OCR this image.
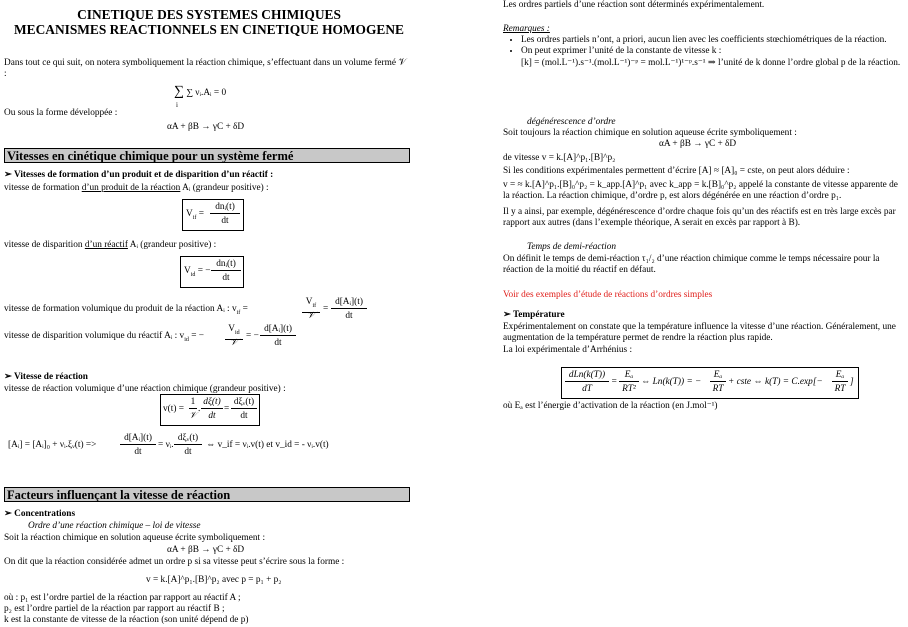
CINETIQUE DES SYSTEMES CHIMIQUES
MECANISMES REACTIONNELS EN CINETIQUE HOMOGENE
Dans tout ce qui suit, on notera symboliquement la réaction chimique, s’effectuant dans un volume fermé 𝒱 :
∑ ∑ νᵢ.Aᵢ = 0
i
Ou sous la forme développée :
αA + βB → γC + δD
Vitesses en cinétique chimique pour un système fermé
➢ Vitesses de formation d’un produit et de disparition d’un réactif :
vitesse de formation d’un produit de la réaction Aᵢ (grandeur positive) :
$V_{if}$ =
dnᵢ(t)
dt
vitesse de disparition d’un réactif Aᵢ (grandeur positive) :
$V_{id}$ = −
dnᵢ(t)
dt
vitesse de formation volumique du produit de la réaction Aᵢ : $v_{if}$ =
$V_{if}$
𝒱
=
d[Aᵢ](t)
dt
vitesse de disparition volumique du réactif Aᵢ : $v_{id}$ = −
$V_{id}$
𝒱
= −
d[Aᵢ](t)
dt
➢ Vitesse de réaction
vitesse de réaction volumique d’une réaction chimique (grandeur positive) :
v(t) =
1
𝒱
.
dξ(t)
dt
=
dξᵥ(t)
dt
[Aᵢ] = [Aᵢ]₀ + νᵢ.ξᵥ(t) =>
d[Aᵢ](t)
dt
= νᵢ.
dξᵥ(t)
dt
⇔ v_if = νᵢ.v(t) et v_id = - νᵢ.v(t)
Facteurs influençant la vitesse de réaction
➢ Concentrations
Ordre d’une réaction chimique – loi de vitesse
Soit la réaction chimique en solution aqueuse écrite symboliquement :
αA + βB → γC + δD
On dit que la réaction considérée admet un ordre p si sa vitesse peut s’écrire sous la forme :
v = k.[A]^p₁.[B]^p₂ avec p = p₁ + p₂
où : p₁ est l’ordre partiel de la réaction par rapport au réactif A ;
p₂ est l’ordre partiel de la réaction par rapport au réactif B ;
k est la constante de vitesse de la réaction (son unité dépend de p)
Les ordres partiels d’une réaction sont déterminés expérimentalement.
Remarques :
• Les ordres partiels n’ont, a priori, aucun lien avec les coefficients stœchiométriques de la réaction.
• On peut exprimer l’unité de la constante de vitesse k :
[k] = (mol.L⁻¹).s⁻¹.(mol.L⁻¹)⁻ᵖ = mol.L⁻¹)¹⁻ᵖ.s⁻¹ ⇒ l’unité de k donne l’ordre global p de la réaction.
dégénérescence d’ordre
Soit toujours la réaction chimique en solution aqueuse écrite symboliquement :
αA + βB → γC + δD
de vitesse v = k.[A]^p₁.[B]^p₂
Si les conditions expérimentales permettent d’écrire [A] ≈ [A]₀ = cste, on peut alors déduire :
v = ≈ k.[A]^p₁.[B]₀^p₂ = k_app.[A]^p₁ avec k_app = k.[B]₀^p₂ appelé la constante de vitesse apparente de la réaction. La réaction chimique, d’ordre p, est alors dégénérée en une réaction d’ordre p₁.
Il y a ainsi, par exemple, dégénérescence d’ordre chaque fois qu’un des réactifs est en très large excès par rapport aux autres (dans l’exemple théorique, A serait en excès par rapport à B).
Temps de demi-réaction
On définit le temps de demi-réaction τ₁/₂ d’une réaction chimique comme le temps nécessaire pour la réaction de la moitié du réactif en défaut.
Voir des exemples d’étude de réactions d’ordres simples
➢ Température
Expérimentalement on constate que la température influence la vitesse d’une réaction. Généralement, une augmentation de la température permet de rendre la réaction plus rapide.
La loi expérimentale d’Arrhénius :
dLn(k(T))
dT
=
Eₐ
RT²
⇔ Ln(k(T)) = −
Eₐ
RT
+ cste ⇔ k(T) = C.exp[−
Eₐ
RT
]
où Eₐ est l’énergie d’activation de la réaction (en J.mol⁻¹)
